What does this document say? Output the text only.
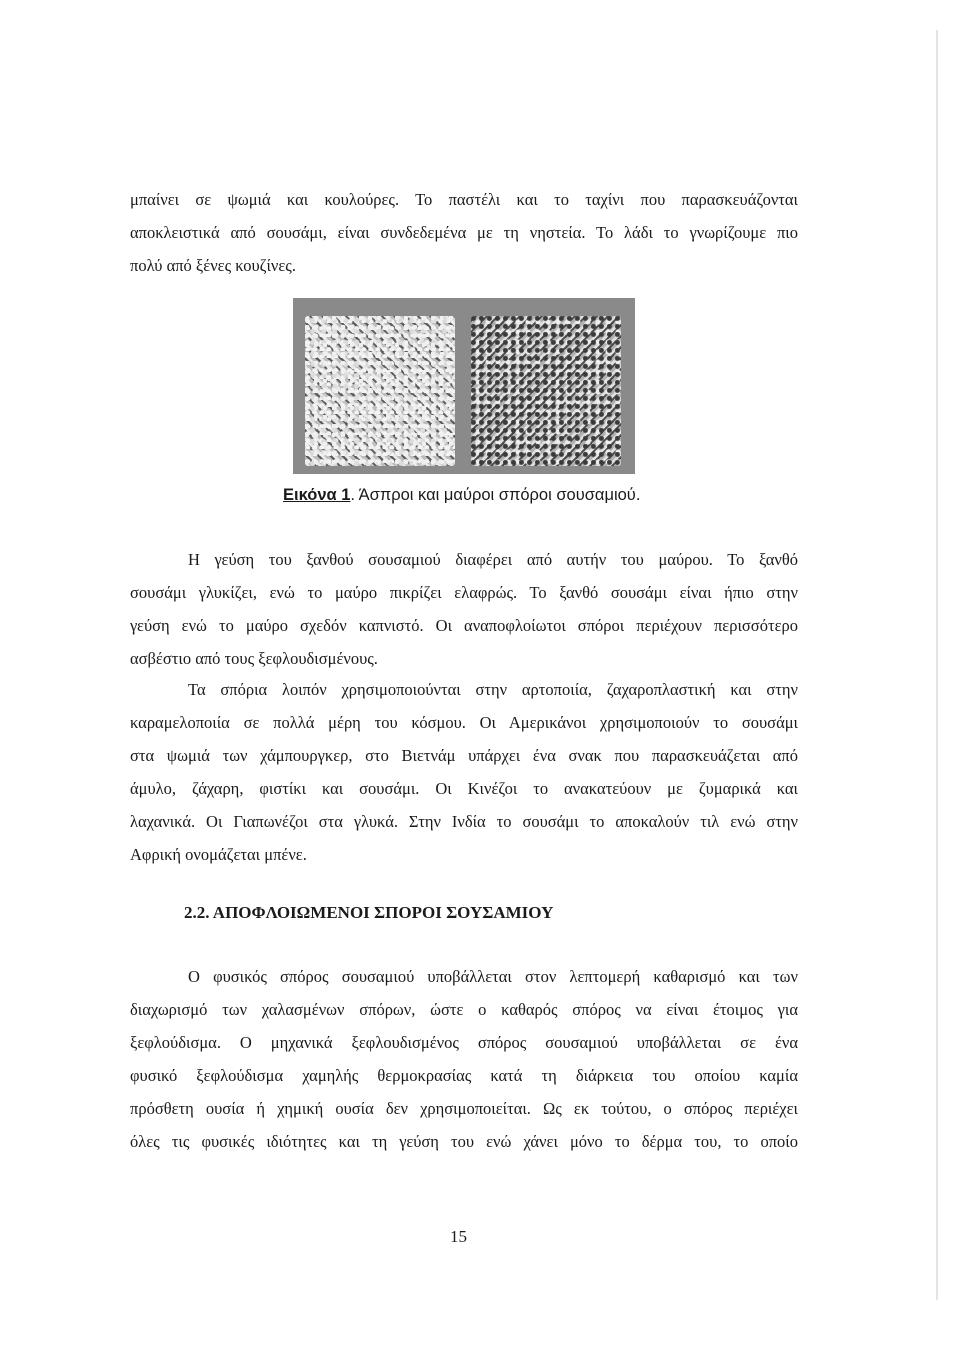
μπαίνει σε ψωμιά και κουλούρες. Το παστέλι και το ταχίνι που παρασκευάζονται
αποκλειστικά από σουσάμι, είναι συνδεδεμένα με τη νηστεία. Το λάδι το γνωρίζουμε πιο
πολύ από ξένες κουζίνες.
Εικόνα 1. Άσπροι και μαύροι σπόροι σουσαμιού.
Η γεύση του ξανθού σουσαμιού διαφέρει από αυτήν του μαύρου. Το ξανθό
σουσάμι γλυκίζει, ενώ το μαύρο πικρίζει ελαφρώς. Το ξανθό σουσάμι είναι ήπιο στην
γεύση ενώ το μαύρο σχεδόν καπνιστό. Οι αναποφλοίωτοι σπόροι περιέχουν περισσότερο
ασβέστιο από τους ξεφλουδισμένους.
Τα σπόρια λοιπόν χρησιμοποιούνται στην αρτοποιία, ζαχαροπλαστική και στην
καραμελοποιία σε πολλά μέρη του κόσμου. Οι Αμερικάνοι χρησιμοποιούν το σουσάμι
στα ψωμιά των χάμπουργκερ, στο Βιετνάμ υπάρχει ένα σνακ που παρασκευάζεται από
άμυλο, ζάχαρη, φιστίκι και σουσάμι. Οι Κινέζοι το ανακατεύουν με ζυμαρικά και
λαχανικά. Οι Γιαπωνέζοι στα γλυκά. Στην Ινδία το σουσάμι το αποκαλούν τιλ ενώ στην
Αφρική ονομάζεται μπένε.
2.2. ΑΠΟΦΛΟΙΩΜΕΝΟΙ ΣΠΟΡΟΙ ΣΟΥΣΑΜΙΟΥ
Ο φυσικός σπόρος σουσαμιού υποβάλλεται στον λεπτομερή καθαρισμό και των
διαχωρισμό των χαλασμένων σπόρων, ώστε ο καθαρός σπόρος να είναι έτοιμος για
ξεφλούδισμα. Ο μηχανικά ξεφλουδισμένος σπόρος σουσαμιού υποβάλλεται σε ένα
φυσικό ξεφλούδισμα χαμηλής θερμοκρασίας κατά τη διάρκεια του οποίου καμία
πρόσθετη ουσία ή χημική ουσία δεν χρησιμοποιείται. Ως εκ τούτου, ο σπόρος περιέχει
όλες τις φυσικές ιδιότητες και τη γεύση του ενώ χάνει μόνο το δέρμα του, το οποίο
15
